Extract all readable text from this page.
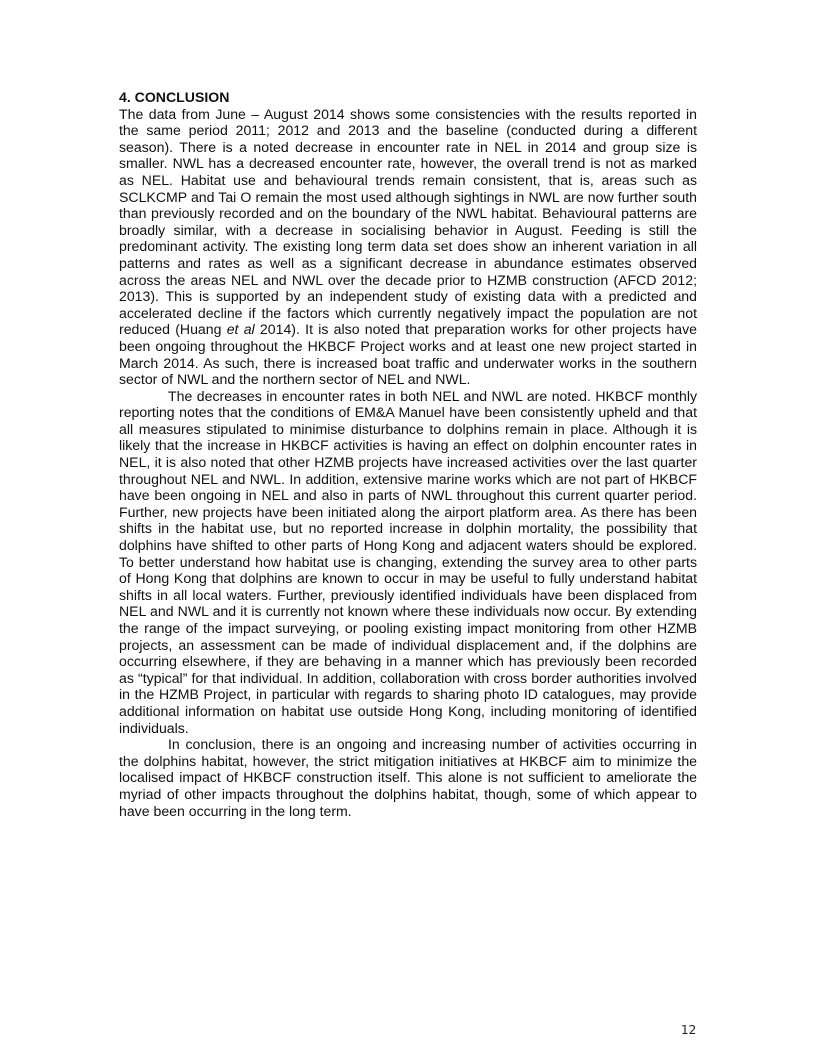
4. CONCLUSION

The data from June – August 2014 shows some consistencies with the results reported in the same period 2011; 2012 and 2013 and the baseline (conducted during a different season). There is a noted decrease in encounter rate in NEL in 2014 and group size is smaller. NWL has a decreased encounter rate, however, the overall trend is not as marked as NEL. Habitat use and behavioural trends remain consistent, that is, areas such as SCLKCMP and Tai O remain the most used although sightings in NWL are now further south than previously recorded and on the boundary of the NWL habitat. Behavioural patterns are broadly similar, with a decrease in socialising behavior in August. Feeding is still the predominant activity. The existing long term data set does show an inherent variation in all patterns and rates as well as a significant decrease in abundance estimates observed across the areas NEL and NWL over the decade prior to HZMB construction (AFCD 2012; 2013). This is supported by an independent study of existing data with a predicted and accelerated decline if the factors which currently negatively impact the population are not reduced (Huang et al 2014). It is also noted that preparation works for other projects have been ongoing throughout the HKBCF Project works and at least one new project started in March 2014. As such, there is increased boat traffic and underwater works in the southern sector of NWL and the northern sector of NEL and NWL.

The decreases in encounter rates in both NEL and NWL are noted. HKBCF monthly reporting notes that the conditions of EM&A Manuel have been consistently upheld and that all measures stipulated to minimise disturbance to dolphins remain in place. Although it is likely that the increase in HKBCF activities is having an effect on dolphin encounter rates in NEL, it is also noted that other HZMB projects have increased activities over the last quarter throughout NEL and NWL. In addition, extensive marine works which are not part of HKBCF have been ongoing in NEL and also in parts of NWL throughout this current quarter period. Further, new projects have been initiated along the airport platform area. As there has been shifts in the habitat use, but no reported increase in dolphin mortality, the possibility that dolphins have shifted to other parts of Hong Kong and adjacent waters should be explored. To better understand how habitat use is changing, extending the survey area to other parts of Hong Kong that dolphins are known to occur in may be useful to fully understand habitat shifts in all local waters. Further, previously identified individuals have been displaced from NEL and NWL and it is currently not known where these individuals now occur. By extending the range of the impact surveying, or pooling existing impact monitoring from other HZMB projects, an assessment can be made of individual displacement and, if the dolphins are occurring elsewhere, if they are behaving in a manner which has previously been recorded as “typical” for that individual. In addition, collaboration with cross border authorities involved in the HZMB Project, in particular with regards to sharing photo ID catalogues, may provide additional information on habitat use outside Hong Kong, including monitoring of identified individuals.

In conclusion, there is an ongoing and increasing number of activities occurring in the dolphins habitat, however, the strict mitigation initiatives at HKBCF aim to minimize the localised impact of HKBCF construction itself. This alone is not sufficient to ameliorate the myriad of other impacts throughout the dolphins habitat, though, some of which appear to have been occurring in the long term.

12
